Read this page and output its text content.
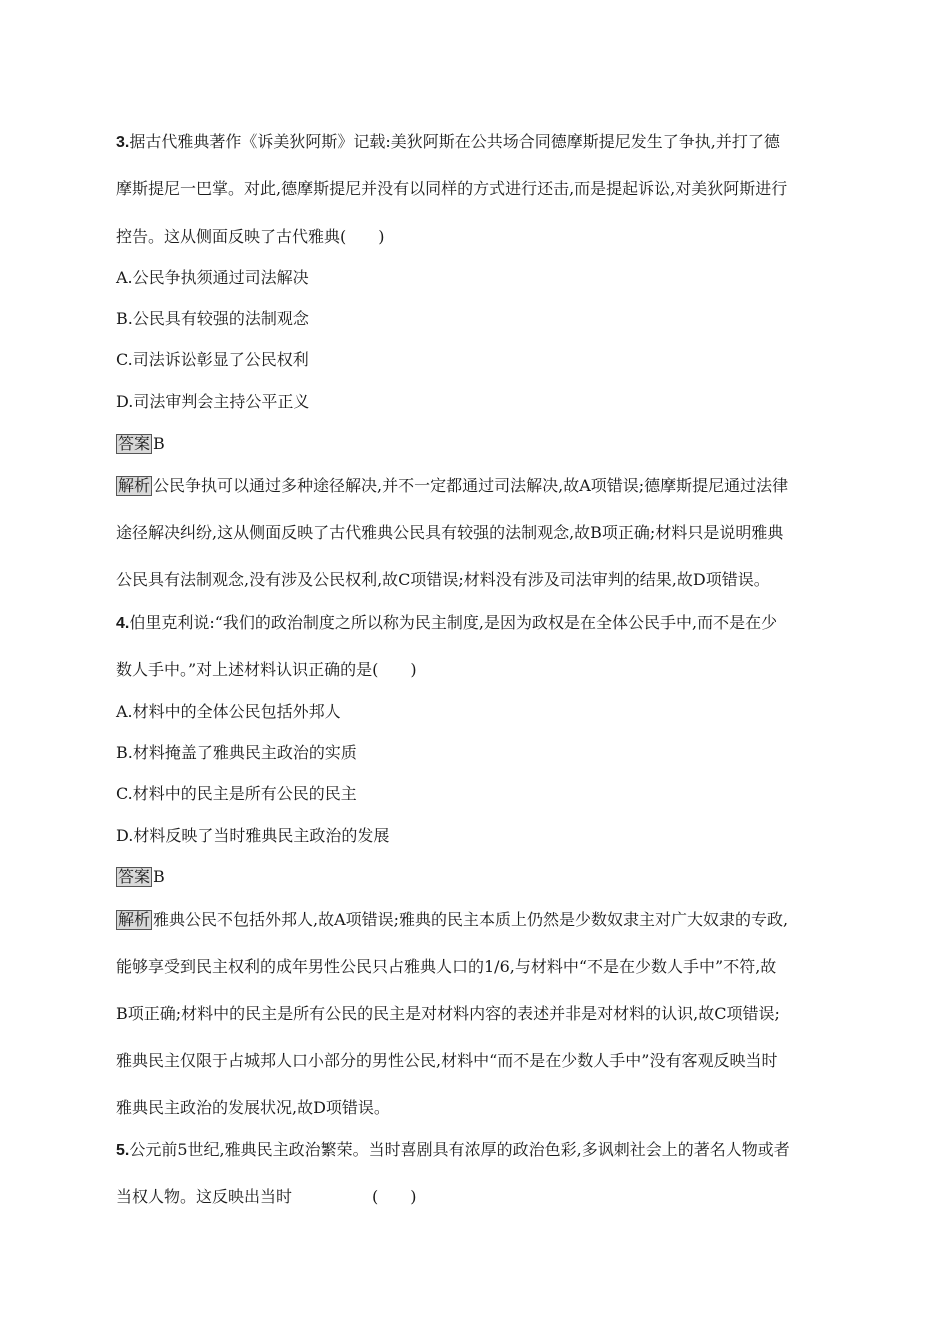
3.据古代雅典著作《诉美狄阿斯》记载:美狄阿斯在公共场合同德摩斯提尼发生了争执,并打了德
摩斯提尼一巴掌。对此,德摩斯提尼并没有以同样的方式进行还击,而是提起诉讼,对美狄阿斯进行
控告。这从侧面反映了古代雅典(　　)
A.公民争执须通过司法解决
B.公民具有较强的法制观念
C.司法诉讼彰显了公民权利
D.司法审判会主持公平正义
答案 B
解析 公民争执可以通过多种途径解决,并不一定都通过司法解决,故A项错误;德摩斯提尼通过法律
途径解决纠纷,这从侧面反映了古代雅典公民具有较强的法制观念,故B项正确;材料只是说明雅典
公民具有法制观念,没有涉及公民权利,故C项错误;材料没有涉及司法审判的结果,故D项错误。
4.伯里克利说:“我们的政治制度之所以称为民主制度,是因为政权是在全体公民手中,而不是在少
数人手中。”对上述材料认识正确的是(　　)
A.材料中的全体公民包括外邦人
B.材料掩盖了雅典民主政治的实质
C.材料中的民主是所有公民的民主
D.材料反映了当时雅典民主政治的发展
答案 B
解析 雅典公民不包括外邦人,故A项错误;雅典的民主本质上仍然是少数奴隶主对广大奴隶的专政,
能够享受到民主权利的成年男性公民只占雅典人口的1/6,与材料中“不是在少数人手中”不符,故
B项正确;材料中的民主是所有公民的民主是对材料内容的表述并非是对材料的认识,故C项错误;
雅典民主仅限于占城邦人口小部分的男性公民,材料中“而不是在少数人手中”没有客观反映当时
雅典民主政治的发展状况,故D项错误。
5.公元前5世纪,雅典民主政治繁荣。当时喜剧具有浓厚的政治色彩,多讽刺社会上的著名人物或者
当权人物。这反映出当时　　　　　(　　)
